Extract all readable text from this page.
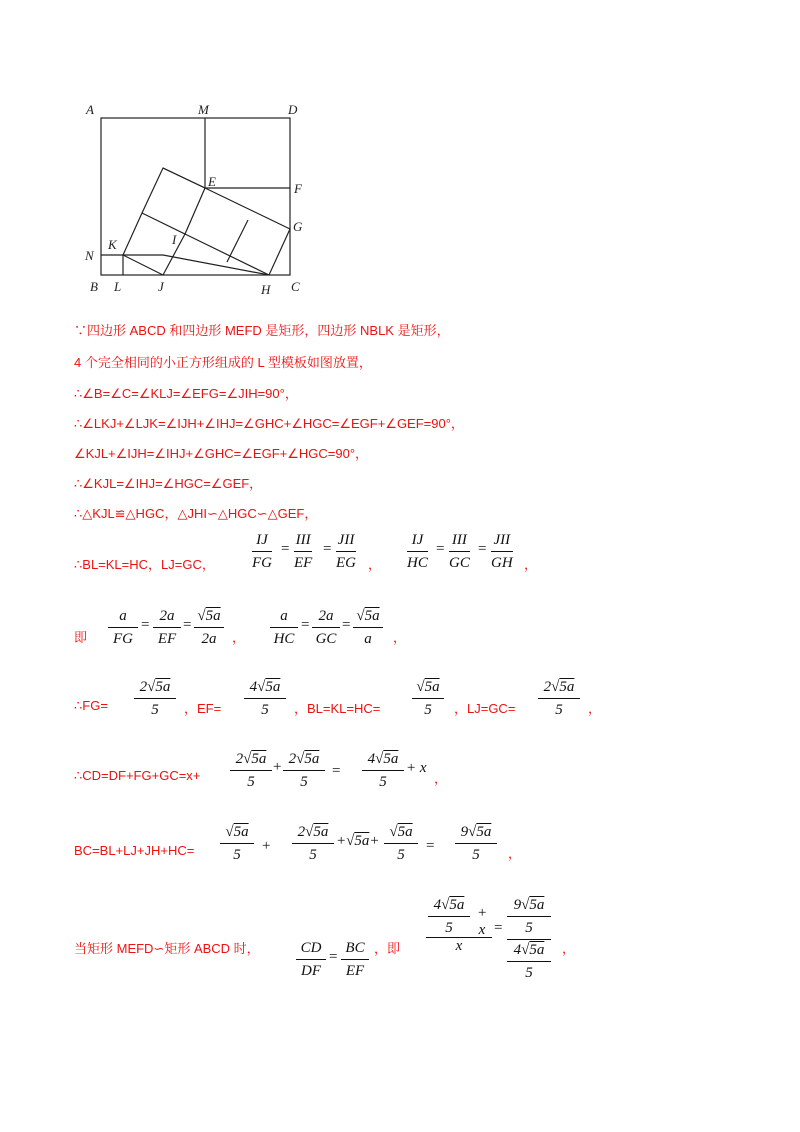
A	M	D
E	F
G
I
K
N
B L	J	H C
∵四边形 ABCD 和四边形 MEFD 是矩形，四边形 NBLK 是矩形，
4 个完全相同的小正方形组成的 L 型模板如图放置，
∴∠B=∠C=∠KLJ=∠EFG=∠JIH=90°，
∴∠LKJ+∠LJK=∠IJH+∠IHJ=∠GHC+∠HGC=∠EGF+∠GEF=90°，
∠KJL+∠IJH=∠IHJ+∠GHC=∠EGF+∠HGC=90°，
∴∠KJL=∠IHJ=∠HGC=∠GEF，
∴△KJL≌△HGC，△JHI∽△HGC∽△GEF，
∴BL=KL=HC，LJ=GC，
IJ
FG
=
III
EF
=
JII
EG ，
IJ
HC
=
III
GC
=
JII
GH ，
即
a
FG
=
2a
EF
=
√5a
2a	，
a
HC
=
2a
GC
=
√5a
a	，
∴FG=
2√5a
5	，EF=
4√5a
5	，BL=KL=HC=
√5a
5	，LJ=GC=
2√5a
5	，
∴CD=DF+FG+GC=x+
2√5a
5
+ 2√5a
5
=
4√5a
5
+ x
，
BC=BL+LJ+JH+HC=
√5a
5
+
2√5a
5
+√5a+
√5a
5
=
9√5a
5	，
当矩形 MEFD∽矩形 ABCD 时，	CD
DF
=
BC
EF
，即
4√5a
5
+ x
x
=
9√5a
5
4√5a
5
，
